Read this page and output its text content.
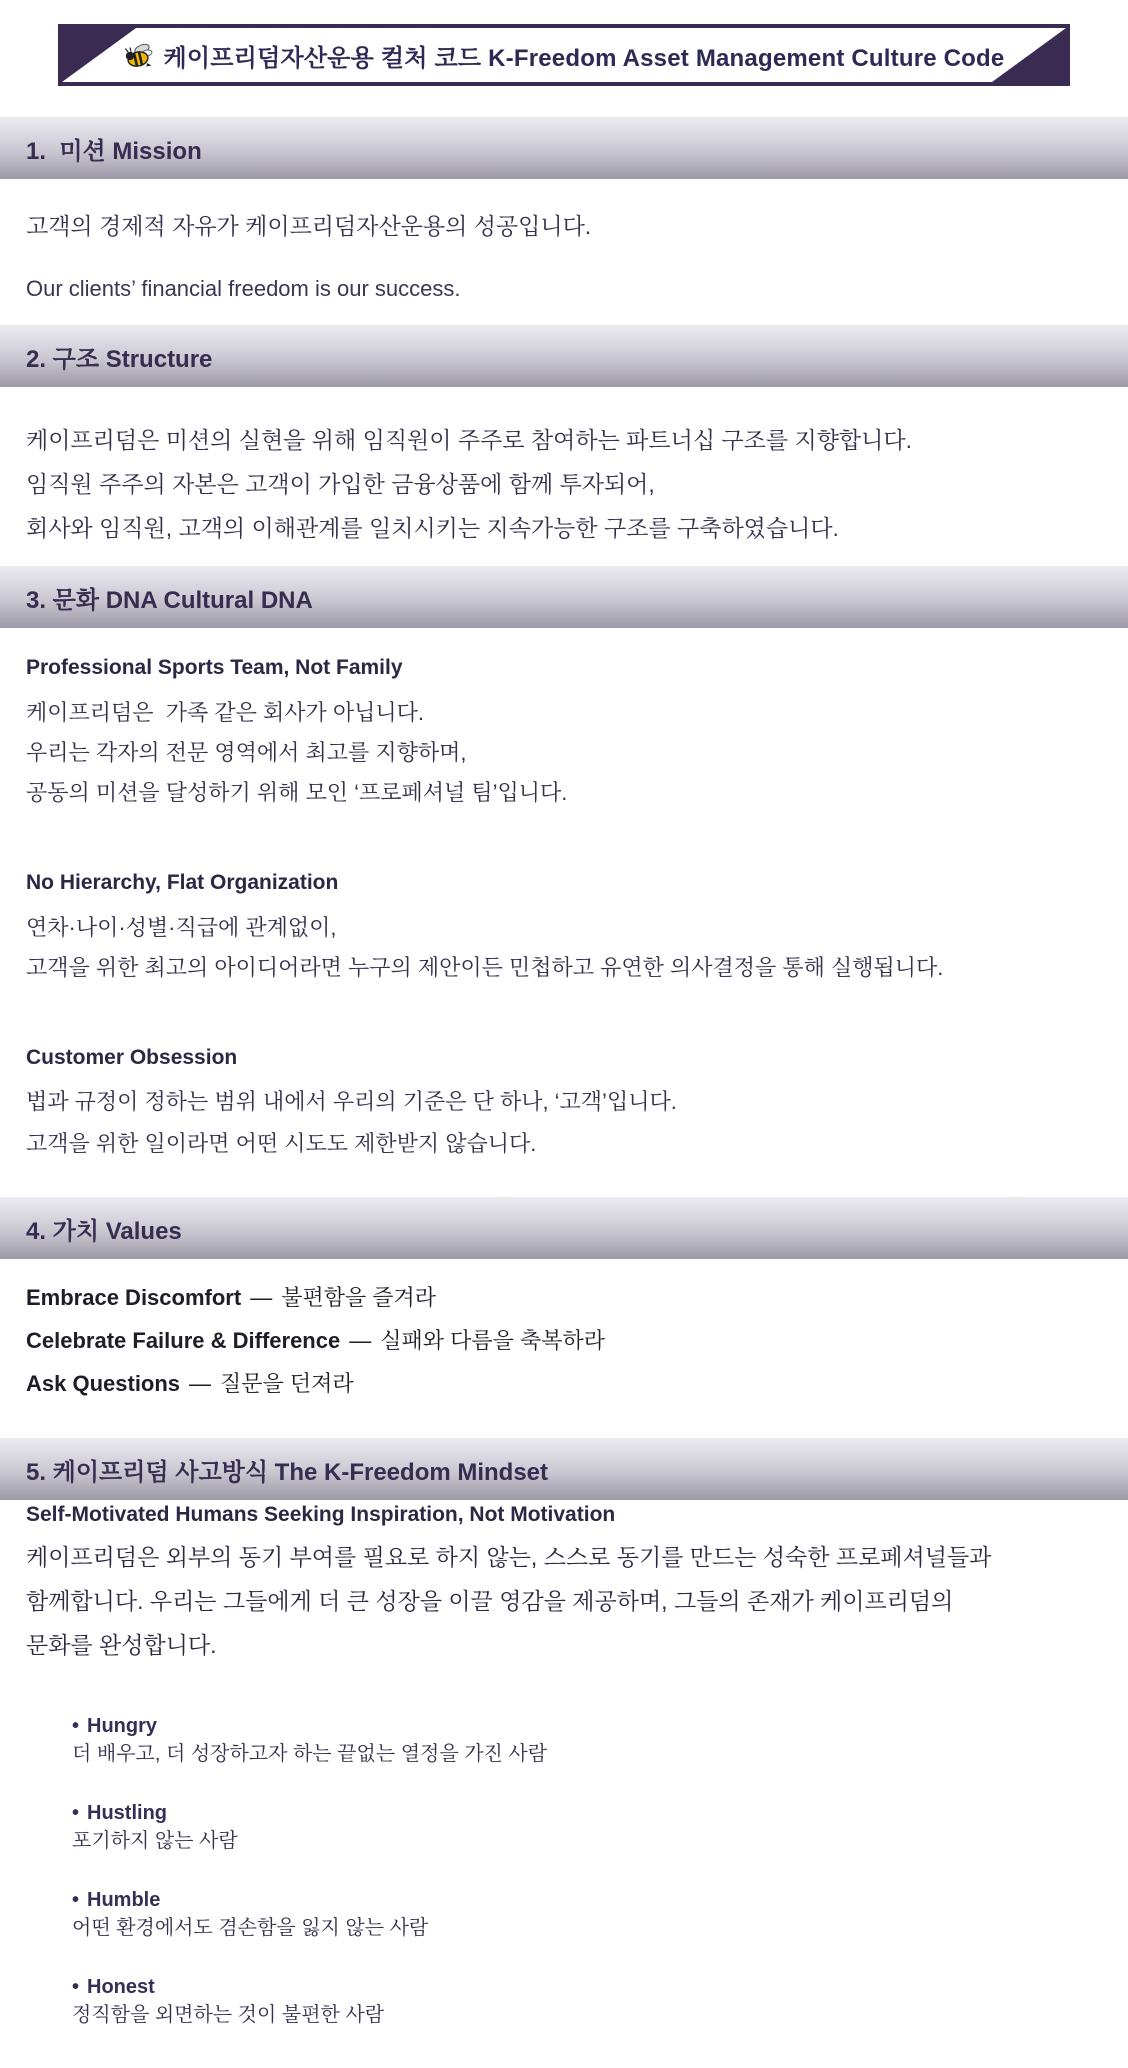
케이프리덤자산운용 컬처 코드 K-Freedom Asset Management Culture Code
1.  미션 Mission

고객의 경제적 자유가 케이프리덤자산운용의 성공입니다.

Our clients’ financial freedom is our success.

2. 구조 Structure

케이프리덤은 미션의 실현을 위해 임직원이 주주로 참여하는 파트너십 구조를 지향합니다.

임직원 주주의 자본은 고객이 가입한 금융상품에 함께 투자되어,

회사와 임직원, 고객의 이해관계를 일치시키는 지속가능한 구조를 구축하였습니다.

3. 문화 DNA Cultural DNA

Professional Sports Team, Not Family

케이프리덤은  가족 같은 회사가 아닙니다.

우리는 각자의 전문 영역에서 최고를 지향하며,

공동의 미션을 달성하기 위해 모인 ‘프로페셔널 팀’입니다.

No Hierarchy, Flat Organization

연차·나이·성별·직급에 관계없이,

고객을 위한 최고의 아이디어라면 누구의 제안이든 민첩하고 유연한 의사결정을 통해 실행됩니다.

Customer Obsession

법과 규정이 정하는 범위 내에서 우리의 기준은 단 하나, ‘고객’입니다.

고객을 위한 일이라면 어떤 시도도 제한받지 않습니다.

4. 가치 Values

Embrace Discomfort — 불편함을 즐겨라

Celebrate Failure & Difference — 실패와 다름을 축복하라

Ask Questions — 질문을 던져라

5. 케이프리덤 사고방식 The K-Freedom Mindset

Self-Motivated Humans Seeking Inspiration, Not Motivation

케이프리덤은 외부의 동기 부여를 필요로 하지 않는, 스스로 동기를 만드는 성숙한 프로페셔널들과

함께합니다. 우리는 그들에게 더 큰 성장을 이끌 영감을 제공하며, 그들의 존재가 케이프리덤의

문화를 완성합니다.

• Hungry

더 배우고, 더 성장하고자 하는 끝없는 열정을 가진 사람

• Hustling

포기하지 않는 사람

• Humble

어떤 환경에서도 겸손함을 잃지 않는 사람

• Honest

정직함을 외면하는 것이 불편한 사람
